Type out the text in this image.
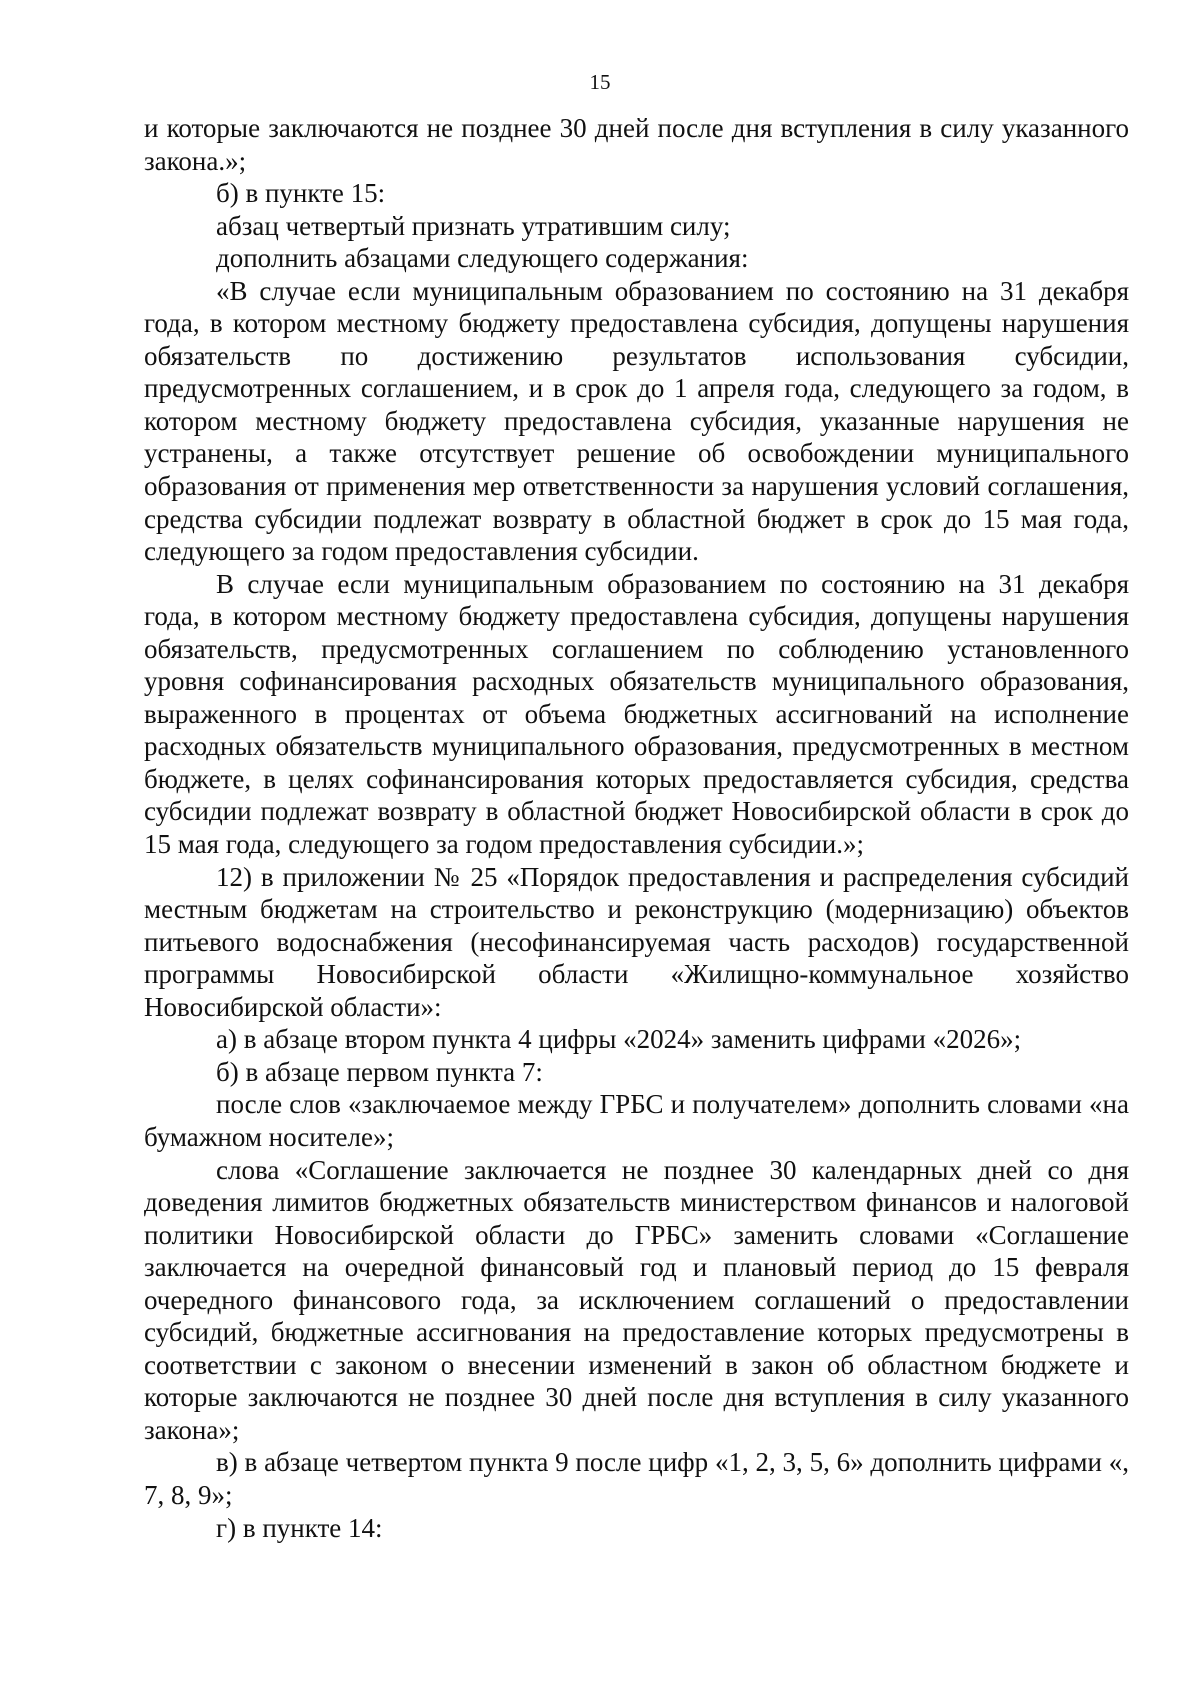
15

и которые заключаются не позднее 30 дней после дня вступления в силу указанного закона.»;

б) в пункте 15:

абзац четвертый признать утратившим силу;

дополнить абзацами следующего содержания:

«В случае если муниципальным образованием по состоянию на 31 декабря года, в котором местному бюджету предоставлена субсидия, допущены нарушения обязательств по достижению результатов использования субсидии, предусмотренных соглашением, и в срок до 1 апреля года, следующего за годом, в котором местному бюджету предоставлена субсидия, указанные нарушения не устранены, а также отсутствует решение об освобождении муниципального образования от применения мер ответственности за нарушения условий соглашения, средства субсидии подлежат возврату в областной бюджет в срок до 15 мая года, следующего за годом предоставления субсидии.

В случае если муниципальным образованием по состоянию на 31 декабря года, в котором местному бюджету предоставлена субсидия, допущены нарушения обязательств, предусмотренных соглашением по соблюдению установленного уровня софинансирования расходных обязательств муниципального образования, выраженного в процентах от объема бюджетных ассигнований на исполнение расходных обязательств муниципального образования, предусмотренных в местном бюджете, в целях софинансирования которых предоставляется субсидия, средства субсидии подлежат возврату в областной бюджет Новосибирской области в срок до 15 мая года, следующего за годом предоставления субсидии.»;

12) в приложении № 25 «Порядок предоставления и распределения субсидий местным бюджетам на строительство и реконструкцию (модернизацию) объектов питьевого водоснабжения (несофинансируемая часть расходов) государственной программы Новосибирской области «Жилищно-коммунальное хозяйство Новосибирской области»:

а) в абзаце втором пункта 4 цифры «2024» заменить цифрами «2026»;

б) в абзаце первом пункта 7:

после слов «заключаемое между ГРБС и получателем» дополнить словами «на бумажном носителе»;

слова «Соглашение заключается не позднее 30 календарных дней со дня доведения лимитов бюджетных обязательств министерством финансов и налоговой политики Новосибирской области до ГРБС» заменить словами «Соглашение заключается на очередной финансовый год и плановый период до 15 февраля очередного финансового года, за исключением соглашений о предоставлении субсидий, бюджетные ассигнования на предоставление которых предусмотрены в соответствии с законом о внесении изменений в закон об областном бюджете и которые заключаются не позднее 30 дней после дня вступления в силу указанного закона»;

в) в абзаце четвертом пункта 9 после цифр «1, 2, 3, 5, 6» дополнить цифрами «, 7, 8, 9»;

г) в пункте 14:
